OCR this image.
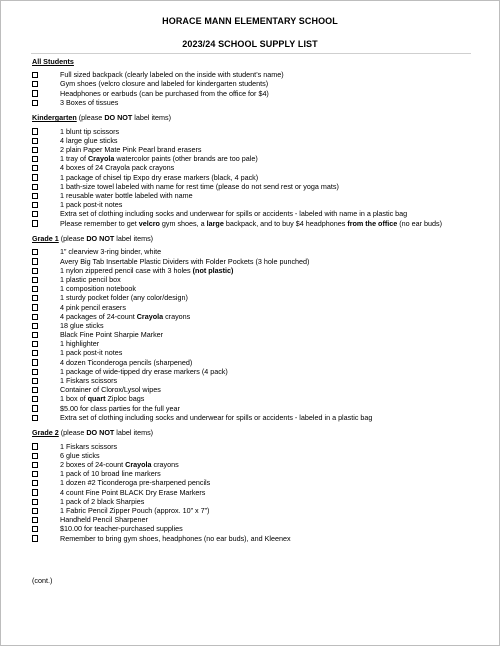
HORACE MANN ELEMENTARY SCHOOL
2023/24 SCHOOL SUPPLY LIST
All Students
Full sized backpack (clearly labeled on the inside with student’s name)
Gym shoes (velcro closure and labeled for kindergarten students)
Headphones or earbuds (can be purchased from the office for $4)
3 Boxes of tissues
Kindergarten (please DO NOT label items)
1 blunt tip scissors
4 large glue sticks
2 plain Paper Mate Pink Pearl brand erasers
1 tray of Crayola watercolor paints (other brands are too pale)
4 boxes of 24 Crayola pack crayons
1 package of chisel tip Expo dry erase markers (black, 4 pack)
1 bath-size towel labeled with name for rest time (please do not send rest or yoga mats)
1 reusable water bottle labeled with name
1 pack post-it notes
Extra set of clothing including socks and underwear for spills or accidents - labeled with name in a plastic bag
Please remember to get velcro gym shoes, a large backpack, and to buy $4 headphones from the office (no ear buds)
Grade 1 (please DO NOT label items)
1” clearview 3-ring binder, white
Avery Big Tab Insertable Plastic Dividers with Folder Pockets (3 hole punched)
1 nylon zippered pencil case with 3 holes (not plastic)
1 plastic pencil box
1 composition notebook
1 sturdy pocket folder (any color/design)
4 pink pencil erasers
4 packages of 24-count Crayola crayons
18 glue sticks
Black Fine Point Sharpie Marker
1 highlighter
1 pack post-it notes
4 dozen Ticonderoga pencils (sharpened)
1 package of wide-tipped dry erase markers (4 pack)
1 Fiskars scissors
Container of Clorox/Lysol wipes
1 box of quart Ziploc bags
$5.00 for class parties for the full year
Extra set of clothing including socks and underwear for spills or accidents - labeled in a plastic bag
Grade 2 (please DO NOT label items)
1 Fiskars scissors
6 glue sticks
2 boxes of 24-count Crayola crayons
1 pack of 10 broad line markers
1 dozen #2 Ticonderoga pre-sharpened pencils
4 count Fine Point BLACK Dry Erase Markers
1 pack of 2 black Sharpies
1 Fabric Pencil Zipper Pouch (approx. 10” x 7”)
Handheld Pencil Sharpener
$10.00 for teacher-purchased supplies
Remember to bring gym shoes, headphones (no ear buds), and Kleenex
(cont.)
